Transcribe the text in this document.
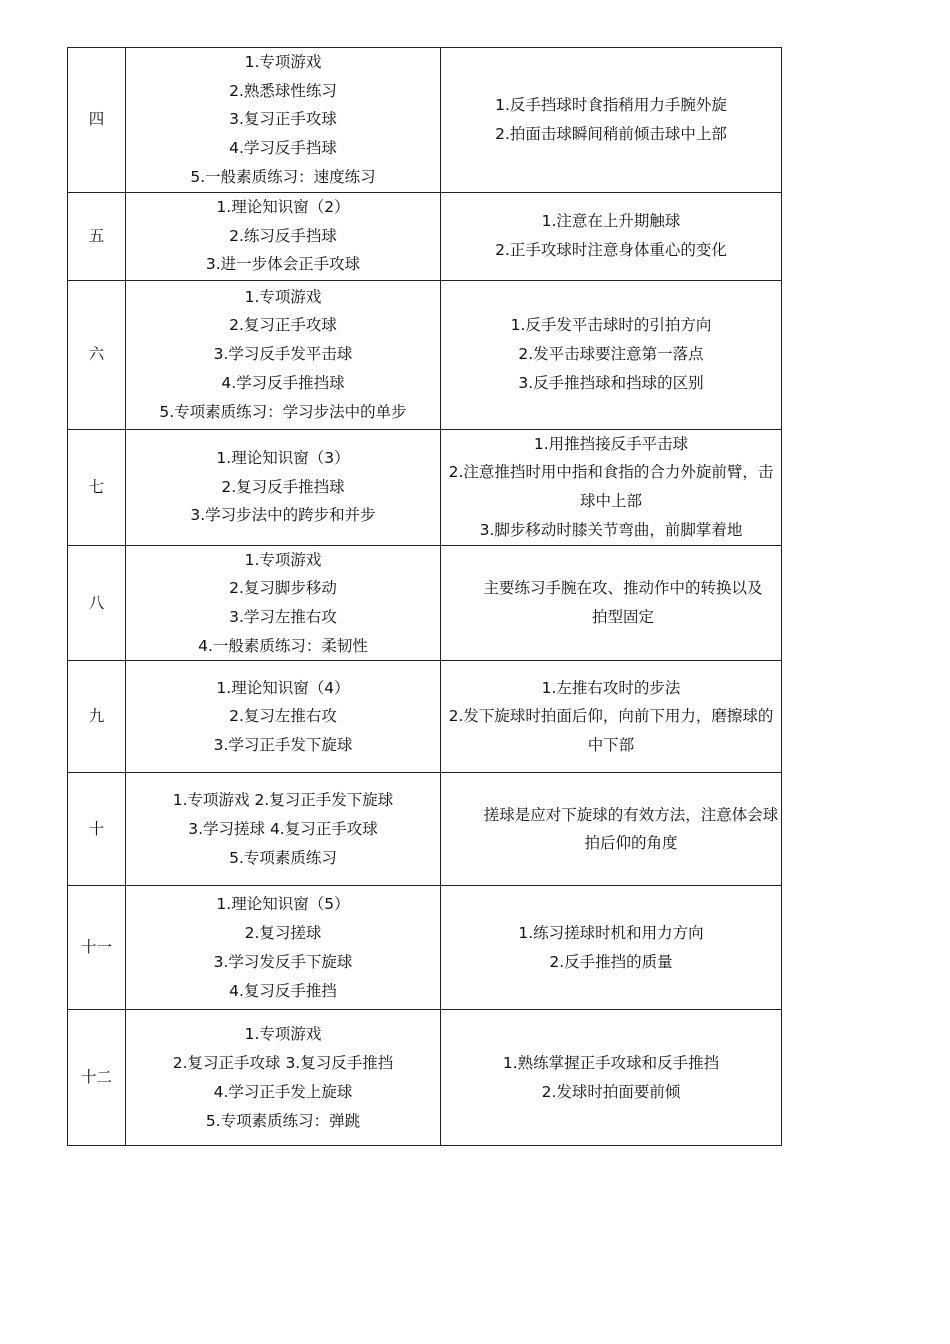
四	1.专项游戏
2.熟悉球性练习
3.复习正手攻球
4.学习反手挡球
5.一般素质练习：速度练习	1.反手挡球时食指稍用力手腕外旋
2.拍面击球瞬间稍前倾击球中上部

五	1.理论知识窗（2）
2.练习反手挡球
3.进一步体会正手攻球	1.注意在上升期触球
2.正手攻球时注意身体重心的变化

六	1.专项游戏
2.复习正手攻球
3.学习反手发平击球
4.学习反手推挡球
5.专项素质练习：学习步法中的单步	1.反手发平击球时的引拍方向
2.发平击球要注意第一落点
3.反手推挡球和挡球的区别

七	1.理论知识窗（3）
2.复习反手推挡球
3.学习步法中的跨步和并步	1.用推挡接反手平击球
2.注意推挡时用中指和食指的合力外旋前臂，击球中上部
3.脚步移动时膝关节弯曲，前脚掌着地

八	1.专项游戏
2.复习脚步移动
3.学习左推右攻
4.一般素质练习：柔韧性	主要练习手腕在攻、推动作中的转换以及拍型固定

九	1.理论知识窗（4）
2.复习左推右攻
3.学习正手发下旋球	1.左推右攻时的步法
2.发下旋球时拍面后仰，向前下用力，磨擦球的中下部

十	1.专项游戏 2.复习正手发下旋球
3.学习搓球 4.复习正手攻球
5.专项素质练习	搓球是应对下旋球的有效方法，注意体会球拍后仰的角度

十一	1.理论知识窗（5）
2.复习搓球
3.学习发反手下旋球
4.复习反手推挡	1.练习搓球时机和用力方向
2.反手推挡的质量

十二	1.专项游戏
2.复习正手攻球 3.复习反手推挡
4.学习正手发上旋球
5.专项素质练习：弹跳	1.熟练掌握正手攻球和反手推挡
2.发球时拍面要前倾
